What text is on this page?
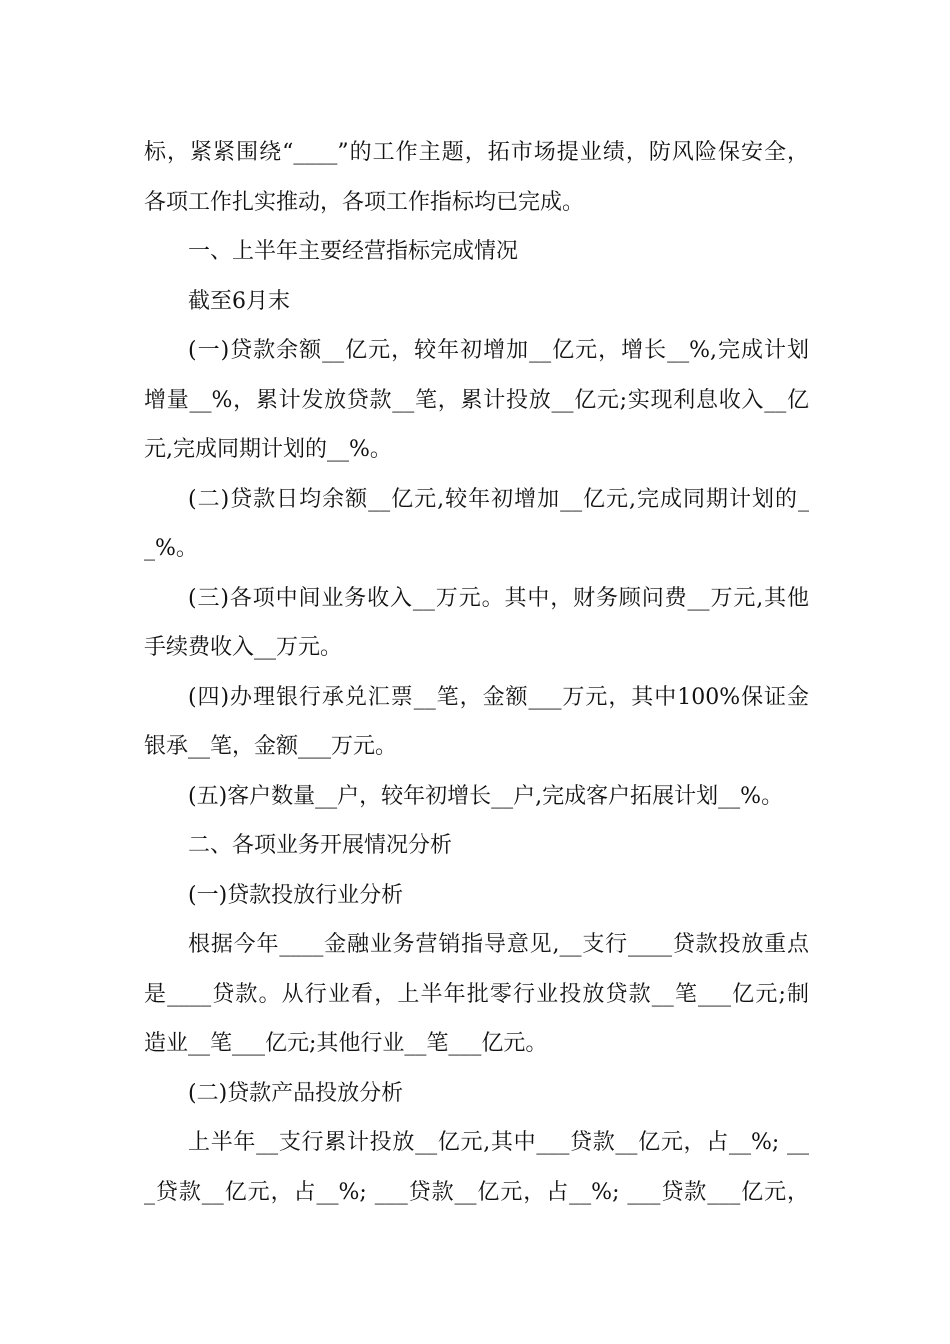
标，紧紧围绕“____”的工作主题，拓市场提业绩，防风险保安全，
各项工作扎实推动，各项工作指标均已完成。
一、上半年主要经营指标完成情况
截至6月末
(一)贷款余额__亿元，较年初增加__亿元，增长__%,完成计划
增量__%，累计发放贷款__笔，累计投放__亿元;实现利息收入__亿
元,完成同期计划的__%。
(二)贷款日均余额__亿元,较年初增加__亿元,完成同期计划的_
_%。
(三)各项中间业务收入__万元。其中，财务顾问费__万元,其他
手续费收入__万元。
(四)办理银行承兑汇票__笔，金额___万元，其中100%保证金
银承__笔，金额___万元。
(五)客户数量__户，较年初增长__户,完成客户拓展计划__%。
二、各项业务开展情况分析
(一)贷款投放行业分析
根据今年____金融业务营销指导意见,__支行____贷款投放重点
是____贷款。从行业看，上半年批零行业投放贷款__笔___亿元;制
造业__笔___亿元;其他行业__笔___亿元。
(二)贷款产品投放分析
上半年__支行累计投放__亿元,其中___贷款__亿元，占__%; __
_贷款__亿元，占__%; ___贷款__亿元，占__%; ___贷款___亿元，
